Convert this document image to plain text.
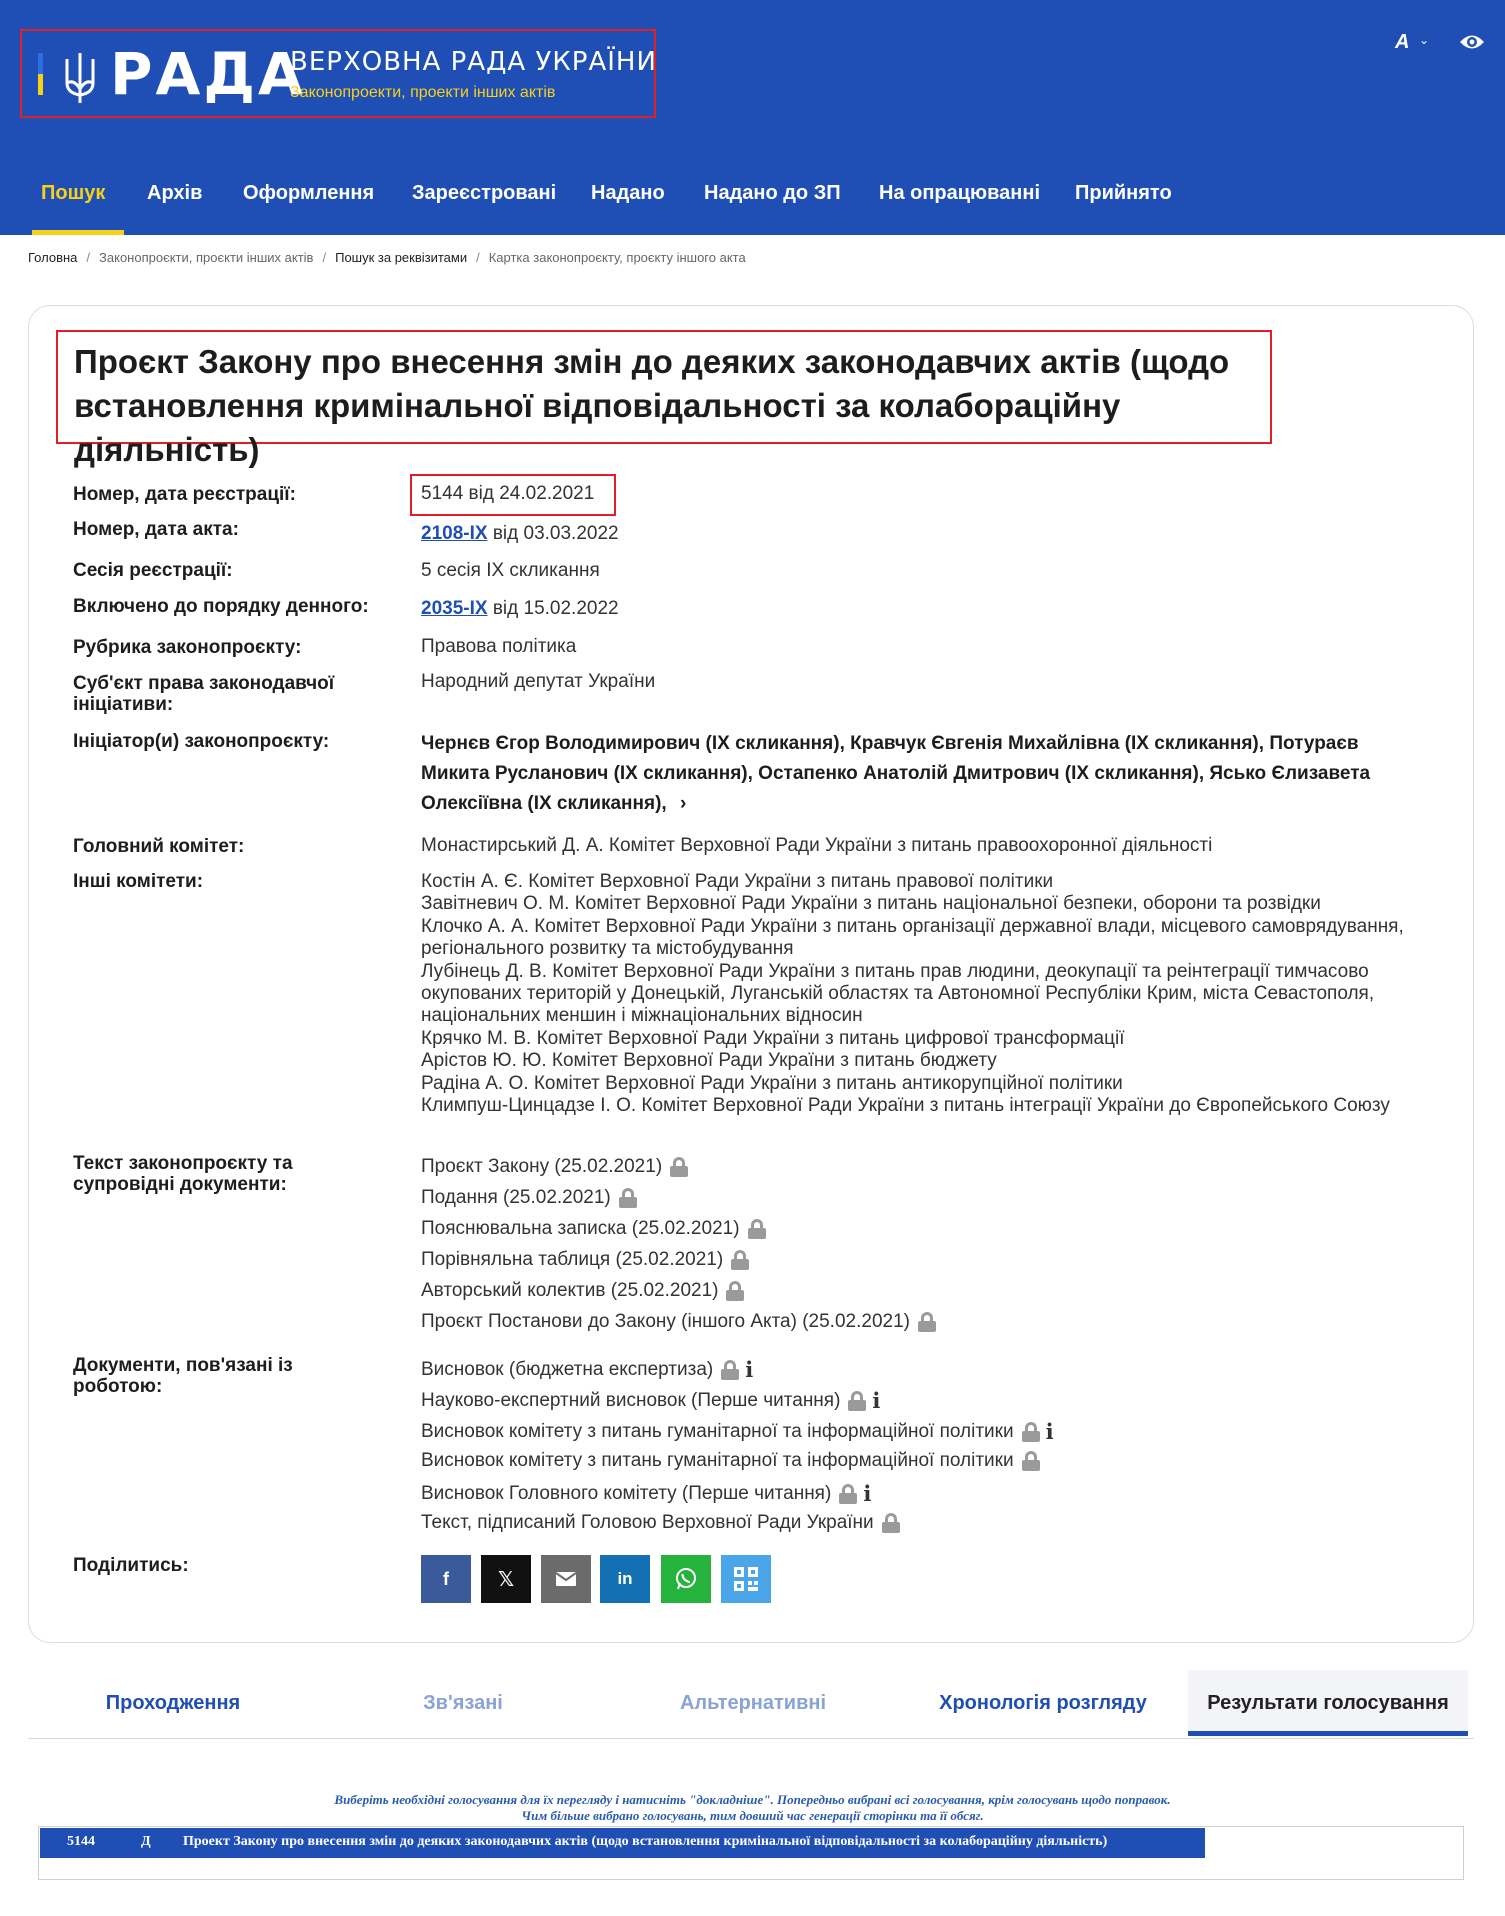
РАДА
ВЕРХОВНА РАДА УКРАЇНИ
Законопроекти, проекти інших актів
A ⌄
Пошук Архів Оформлення Зареєстровані Надано Надано до ЗП На опрацюванні Прийнято
Головна / Законопроєкти, проєкти інших актів / Пошук за реквізитами / Картка законопроєкту, проєкту іншого акта
Проєкт Закону про внесення змін до деяких законодавчих актів (щодо встановлення кримінальної відповідальності за колабораційну діяльність)
Номер, дата реєстрації:	5144 від 24.02.2021
Номер, дата акта:	2108-IX від 03.03.2022
Сесія реєстрації:	5 сесія IX скликання
Включено до порядку денного:	2035-IX від 15.02.2022
Рубрика законопроєкту:	Правова політика
Суб'єкт права законодавчої ініціативи:
Народний депутат України
Ініціатор(и) законопроєкту:	Чернєв Єгор Володимирович (IX скликання), Кравчук Євгенія Михайлівна (IX скликання), Потураєв Микита Русланович (IX скликання), Остапенко Анатолій Дмитрович (IX скликання), Ясько Єлизавета Олексіївна (IX скликання), ›
Головний комітет:	Монастирський Д. А. Комітет Верховної Ради України з питань правоохоронної діяльності
Інші комітети:	Костін А. Є. Комітет Верховної Ради України з питань правової політики
Завітневич О. М. Комітет Верховної Ради України з питань національної безпеки, оборони та розвідки
Клочко А. А. Комітет Верховної Ради України з питань організації державної влади, місцевого самоврядування, регіонального розвитку та містобудування
Лубінець Д. В. Комітет Верховної Ради України з питань прав людини, деокупації та реінтеграції тимчасово окупованих територій у Донецькій, Луганській областях та Автономної Республіки Крим, міста Севастополя, національних меншин і міжнаціональних відносин
Крячко М. В. Комітет Верховної Ради України з питань цифрової трансформації
Арістов Ю. Ю. Комітет Верховної Ради України з питань бюджету
Радіна А. О. Комітет Верховної Ради України з питань антикорупційної політики
Климпуш-Цинцадзе І. О. Комітет Верховної Ради України з питань інтеграції України до Європейського Союзу
Текст законопроєкту та супровідні документи:
Проєкт Закону (25.02.2021)
Подання (25.02.2021)
Пояснювальна записка (25.02.2021)
Порівняльна таблиця (25.02.2021)
Авторський колектив (25.02.2021)
Проєкт Постанови до Закону (іншого Акта) (25.02.2021)
Документи, пов'язані із роботою:
Висновок (бюджетна експертиза) i
Науково-експертний висновок (Перше читання) i
Висновок комітету з питань гуманітарної та інформаційної політики i
Висновок комітету з питань гуманітарної та інформаційної політики
Висновок Головного комітету (Перше читання) i
Текст, підписаний Головою Верховної Ради України
Поділитись:
f 𝕏	in
Проходження	Зв'язані	Альтернативні	Хронологія розгляду	Результати голосування
Виберіть необхідні голосування для їх перегляду і натисніть "докладніше". Попередньо вибрані всі голосування, крім голосувань щодо поправок.
Чим більше вибрано голосувань, тим довший час генерації сторінки та її обсяг.
5144	Д Проект Закону про внесення змін до деяких законодавчих актів (щодо встановлення кримінальної відповідальності за колабораційну діяльність)
